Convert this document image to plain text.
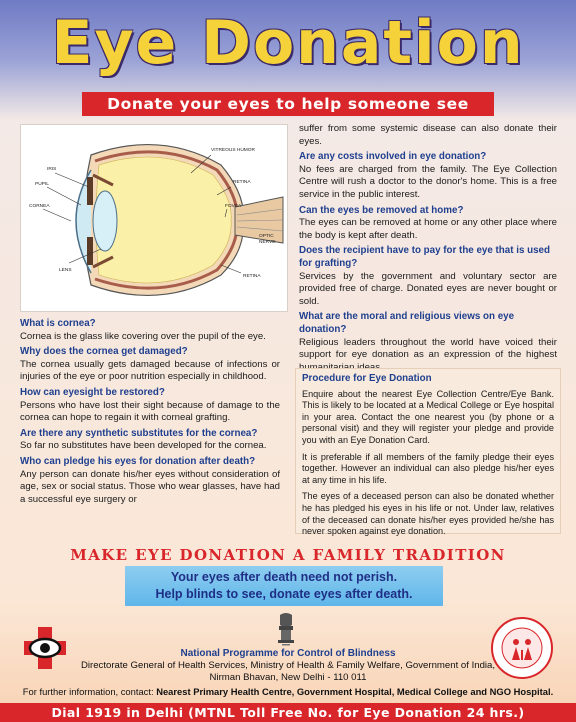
Eye Donation
Donate your eyes to help someone see
VITREOUS HUMOR
IRIS
PUPIL
CORNEA
RETINA
FOVEA
OPTIC
NERVE
LENS
RETINA
What is cornea?
Cornea is the glass like covering over the pupil of the eye.
Why does the cornea get damaged?
The cornea usually gets damaged because of infections or injuries of the eye or poor nutrition especially in childhood.
How can eyesight be restored?
Persons who have lost their sight because of damage to the cornea can hope to regain it with corneal grafting.
Are there any synthetic substitutes for the cornea?
So far no substitutes have been developed for the cornea.
Who can pledge his eyes for donation after death?
Any person can donate his/her eyes without consideration of age, sex or social status. Those who wear glasses, have had a successful eye surgery or
suffer from some systemic disease can also donate their eyes.
Are any costs involved in eye donation?
No fees are charged from the family. The Eye Collection Centre will rush a doctor to the donor's home. This is a free service in the public interest.
Can the eyes be removed at home?
The eyes can be removed at home or any other place where the body is kept after death.
Does the recipient have to pay for the eye that is used for grafting?
Services by the government and voluntary sector are provided free of charge. Donated eyes are never bought or sold.
What are the moral and religious views on eye donation?
Religious leaders throughout the world have voiced their support for eye donation as an expression of the highest
Procedure for Eye Donation

Enquire about the nearest Eye Collection Centre/Eye Bank. This is likely to be located at a Medical College or Eye hospital in your area. Contact the one nearest you (by phone or a personal visit) and they will register your pledge and provide you with an Eye Donation Card.

It is preferable if all members of the family pledge their eyes together. However an individual can also pledge his/her eyes at any time in his life.

The eyes of a deceased person can also be donated whether he has pledged his eyes in his life or not. Under law, relatives of the deceased can donate his/her eyes provided he/she has never spoken against eye donation.

MAKE EYE DONATION A FAMILY TRADITION
Your eyes after death need not perish.
Help blinds to see, donate eyes after death.
National Programme for Control of Blindness
Directorate General of Health Services, Ministry of Health & Family Welfare, Government of India,
Nirman Bhavan, New Delhi - 110 011
For further information, contact: Nearest Primary Health Centre, Government Hospital, Medical College and NGO Hospital.
Dial 1919 in Delhi (MTNL Toll Free No. for Eye Donation 24 hrs.)
